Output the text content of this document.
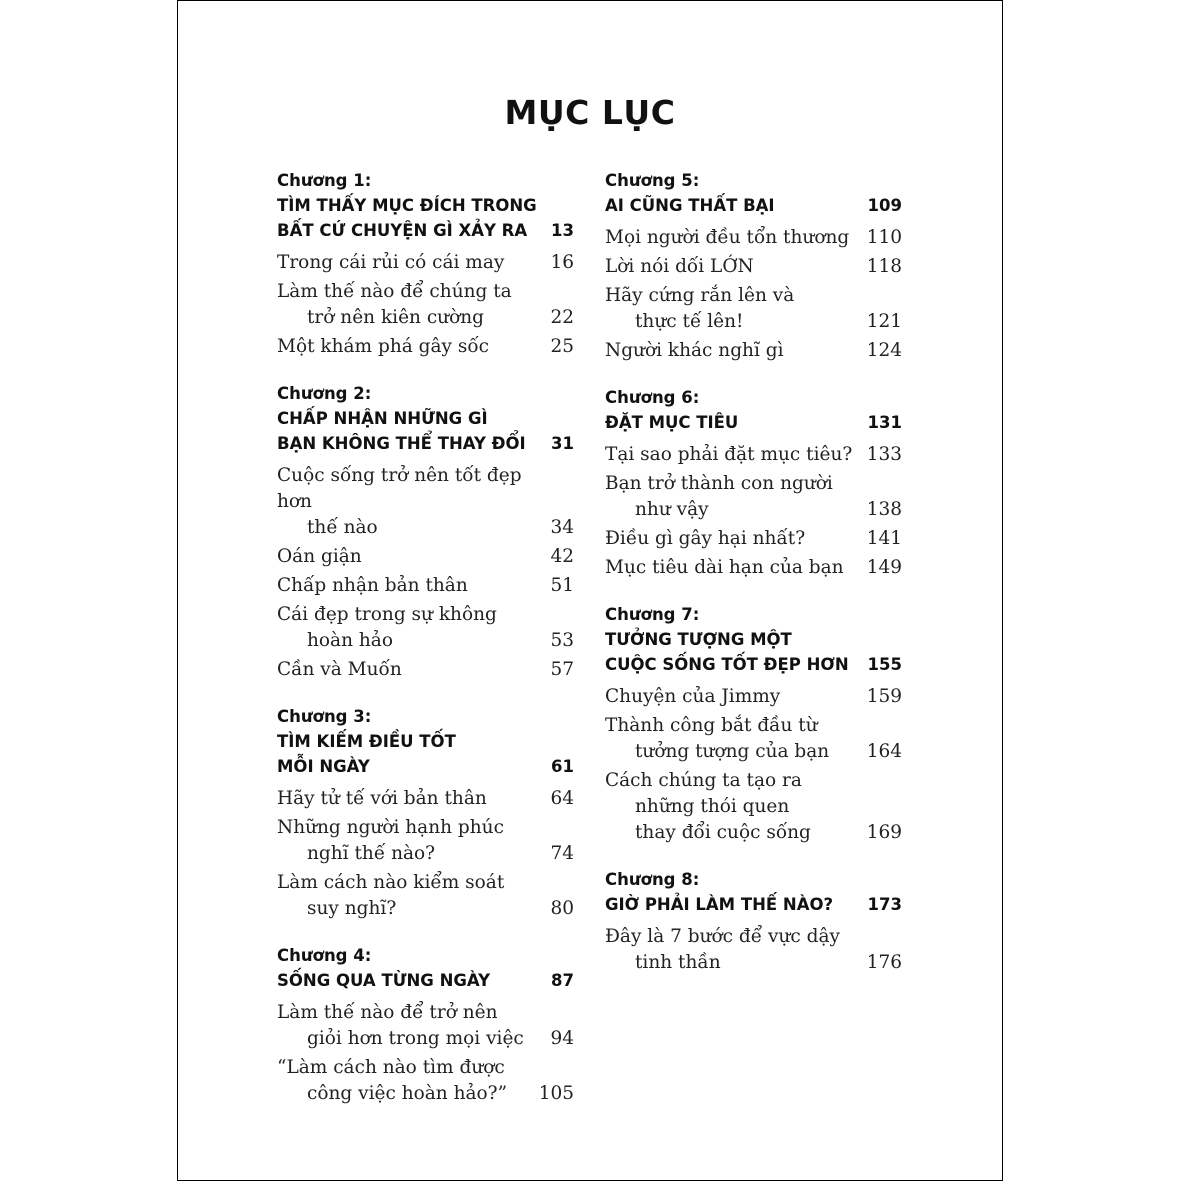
MỤC LỤC
Chương 1:
TÌM THẤY MỤC ĐÍCH TRONG
BẤT CỨ CHUYỆN GÌ XẢY RA	13
Trong cái rủi có cái may	16
Làm thế nào để chúng ta
trở nên kiên cường	22
Một khám phá gây sốc	25
Chương 2:
CHẤP NHẬN NHỮNG GÌ
BẠN KHÔNG THỂ THAY ĐỔI	31
Cuộc sống trở nên tốt đẹp hơn
thế nào	34
Oán giận	42
Chấp nhận bản thân	51
Cái đẹp trong sự không
hoàn hảo	53
Cần và Muốn	57
Chương 3:
TÌM KIẾM ĐIỀU TỐT
MỖI NGÀY	61
Hãy tử tế với bản thân	64
Những người hạnh phúc
nghĩ thế nào?	74
Làm cách nào kiểm soát
suy nghĩ?	80
Chương 4:
SỐNG QUA TỪNG NGÀY	87
Làm thế nào để trở nên
giỏi hơn trong mọi việc	94
“Làm cách nào tìm được
công việc hoàn hảo?”	105
Chương 5:
AI CŨNG THẤT BẠI	109
Mọi người đều tổn thương 110
Lời nói dối LỚN	118
Hãy cứng rắn lên và
thực tế lên!	121
Người khác nghĩ gì	124
Chương 6:
ĐẶT MỤC TIÊU	131
Tại sao phải đặt mục tiêu? 133
Bạn trở thành con người
như vậy	138
Điều gì gây hại nhất?	141
Mục tiêu dài hạn của bạn	149
Chương 7:
TƯỞNG TƯỢNG MỘT
CUỘC SỐNG TỐT ĐẸP HƠN	155
Chuyện của Jimmy	159
Thành công bắt đầu từ
tưởng tượng của bạn	164
Cách chúng ta tạo ra
những thói quen
thay đổi cuộc sống	169
Chương 8:
GIỜ PHẢI LÀM THẾ NÀO?	173
Đây là 7 bước để vực dậy
tinh thần	176
